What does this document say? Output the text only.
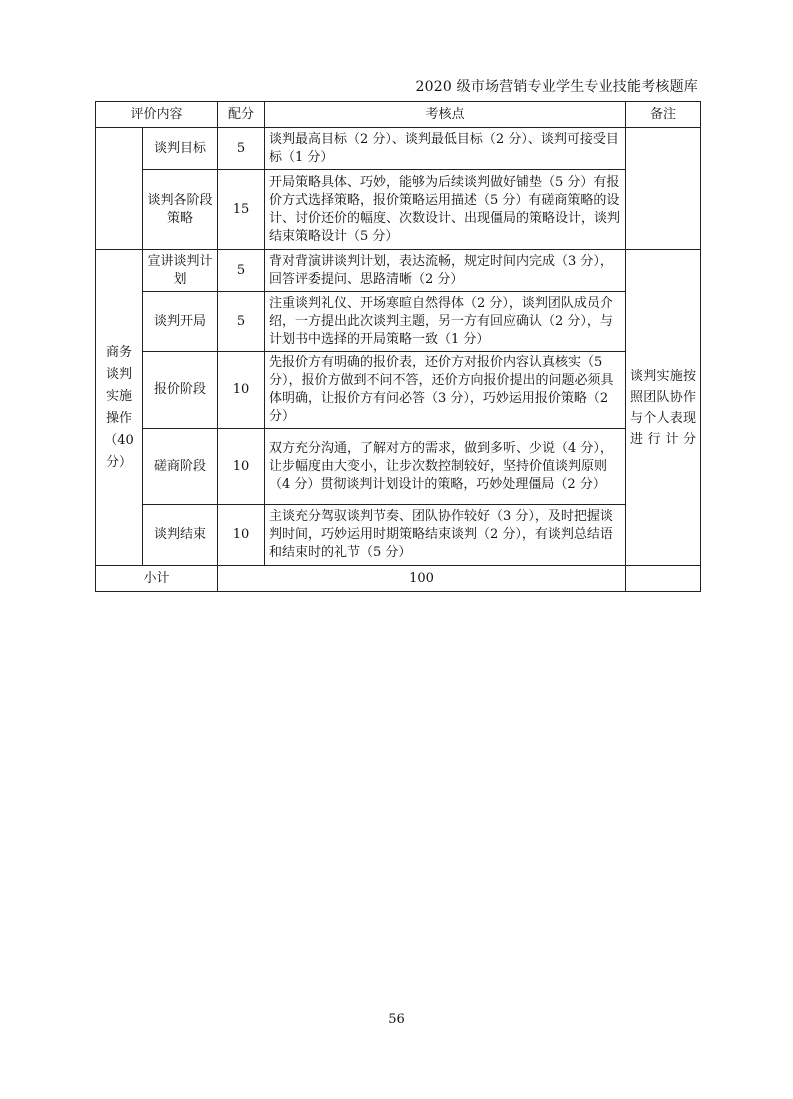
2020 级市场营销专业学生专业技能考核题库
评价内容		配分	考核点	备注
	谈判目标	5	谈判最高目标（2 分）、谈判最低目标（2 分）、谈判可接受目标（1 分）	
	谈判各阶段策略	15	开局策略具体、巧妙，能够为后续谈判做好铺垫（5 分）有报价方式选择策略，报价策略运用描述（5 分）有磋商策略的设计、讨价还价的幅度、次数设计、出现僵局的策略设计，谈判结束策略设计（5 分）	
商务谈判实施操作（40 分）	宣讲谈判计划	5	背对背演讲谈判计划，表达流畅，规定时间内完成（3 分），回答评委提问、思路清晰（2 分）	谈判实施按照团队协作与个人表现进行计分
	谈判开局	5	注重谈判礼仪、开场寒暄自然得体（2 分），谈判团队成员介绍，一方提出此次谈判主题，另一方有回应确认（2 分），与计划书中选择的开局策略一致（1 分）	
	报价阶段	10	先报价方有明确的报价表，还价方对报价内容认真核实（5 分），报价方做到不问不答，还价方向报价提出的问题必须具体明确，让报价方有问必答（3 分），巧妙运用报价策略（2 分）	
	磋商阶段	10	双方充分沟通，了解对方的需求，做到多听、少说（4 分），让步幅度由大变小，让步次数控制较好，坚持价值谈判原则（4 分）贯彻谈判计划设计的策略，巧妙处理僵局（2 分）	
	谈判结束	10	主谈充分驾驭谈判节奏、团队协作较好（3 分），及时把握谈判时间，巧妙运用时期策略结束谈判（2 分），有谈判总结语和结束时的礼节（5 分）	
小计		100		
56
